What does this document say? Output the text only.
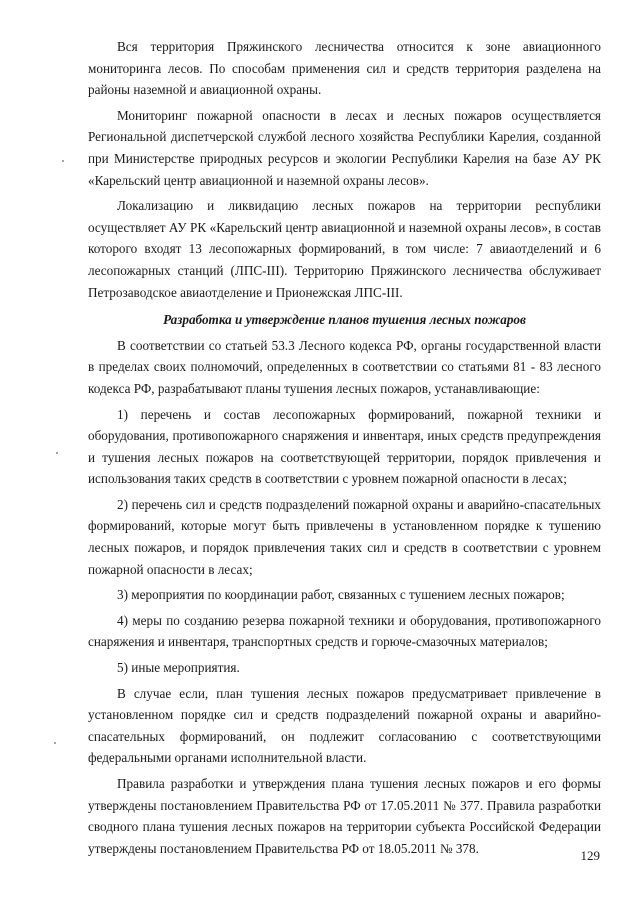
Вся территория Пряжинского лесничества относится к зоне авиационного мониторинга лесов. По способам применения сил и средств территория разделена на районы наземной и авиационной охраны.

Мониторинг пожарной опасности в лесах и лесных пожаров осуществляется Региональной диспетчерской службой лесного хозяйства Республики Карелия, созданной при Министерстве природных ресурсов и экологии Республики Карелия на базе АУ РК «Карельский центр авиационной и наземной охраны лесов».

Локализацию и ликвидацию лесных пожаров на территории республики осуществляет АУ РК «Карельский центр авиационной и наземной охраны лесов», в состав которого входят 13 лесопожарных формирований, в том числе: 7 авиаотделений и 6 лесопожарных станций (ЛПС-III). Территорию Пряжинского лесничества обслуживает Петрозаводское авиаотделение и Прионежская ЛПС-III.

Разработка и утверждение планов тушения лесных пожаров

В соответствии со статьей 53.3 Лесного кодекса РФ, органы государственной власти в пределах своих полномочий, определенных в соответствии со статьями 81 - 83 лесного кодекса РФ, разрабатывают планы тушения лесных пожаров, устанавливающие:

1) перечень и состав лесопожарных формирований, пожарной техники и оборудования, противопожарного снаряжения и инвентаря, иных средств предупреждения и тушения лесных пожаров на соответствующей территории, порядок привлечения и использования таких средств в соответствии с уровнем пожарной опасности в лесах;

2) перечень сил и средств подразделений пожарной охраны и аварийно-спасательных формирований, которые могут быть привлечены в установленном порядке к тушению лесных пожаров, и порядок привлечения таких сил и средств в соответствии с уровнем пожарной опасности в лесах;

3) мероприятия по координации работ, связанных с тушением лесных пожаров;

4) меры по созданию резерва пожарной техники и оборудования, противопожарного снаряжения и инвентаря, транспортных средств и горюче-смазочных материалов;

5) иные мероприятия.

В случае если, план тушения лесных пожаров предусматривает привлечение в установленном порядке сил и средств подразделений пожарной охраны и аварийно-спасательных формирований, он подлежит согласованию с соответствующими федеральными органами исполнительной власти.

Правила разработки и утверждения плана тушения лесных пожаров и его формы утверждены постановлением Правительства РФ от 17.05.2011 № 377. Правила разработки сводного плана тушения лесных пожаров на территории субъекта Российской Федерации утверждены постановлением Правительства РФ от 18.05.2011 № 378.	129
